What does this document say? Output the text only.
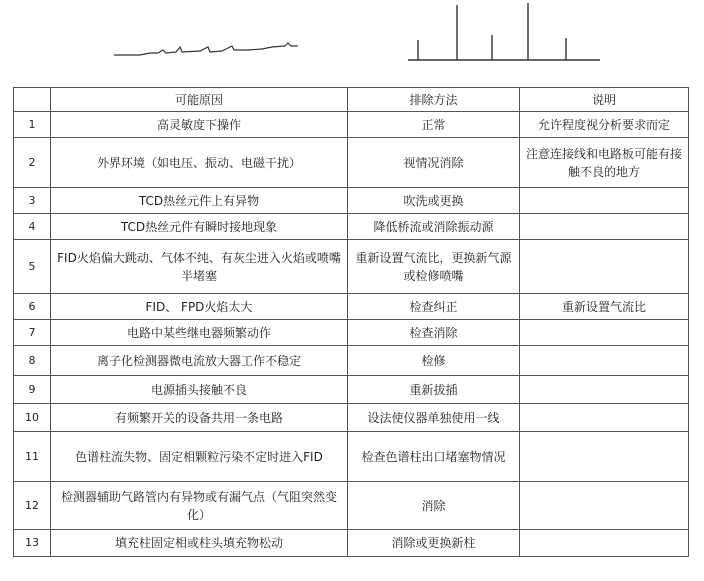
	可能原因	排除方法	说明
1	高灵敏度下操作	正常	允许程度视分析要求而定
2	外界环境（如电压、振动、电磁干扰）	视情况消除	注意连接线和电路板可能有接触不良的地方
3	TCD热丝元件上有异物	吹洗或更换	
4	TCD热丝元件有瞬时接地现象	降低桥流或消除振动源	
5	FID火焰偏大跳动、气体不纯、有灰尘进入火焰或喷嘴半堵塞	重新设置气流比，更换新气源或检修喷嘴	
6	FID、 FPD火焰太大	检查纠正	重新设置气流比
7	电路中某些继电器频繁动作	检查消除	
8	离子化检测器微电流放大器工作不稳定	检修	
9	电源插头接触不良	重新拔插	
10	有频繁开关的设备共用一条电路	设法使仪器单独使用一线	
11	色谱柱流失物、固定相颗粒污染不定时进入FID	检查色谱柱出口堵塞物情况	
12	检测器辅助气路管内有异物或有漏气点（气阻突然变化）	消除	
13	填充柱固定相或柱头填充物松动	消除或更换新柱	
